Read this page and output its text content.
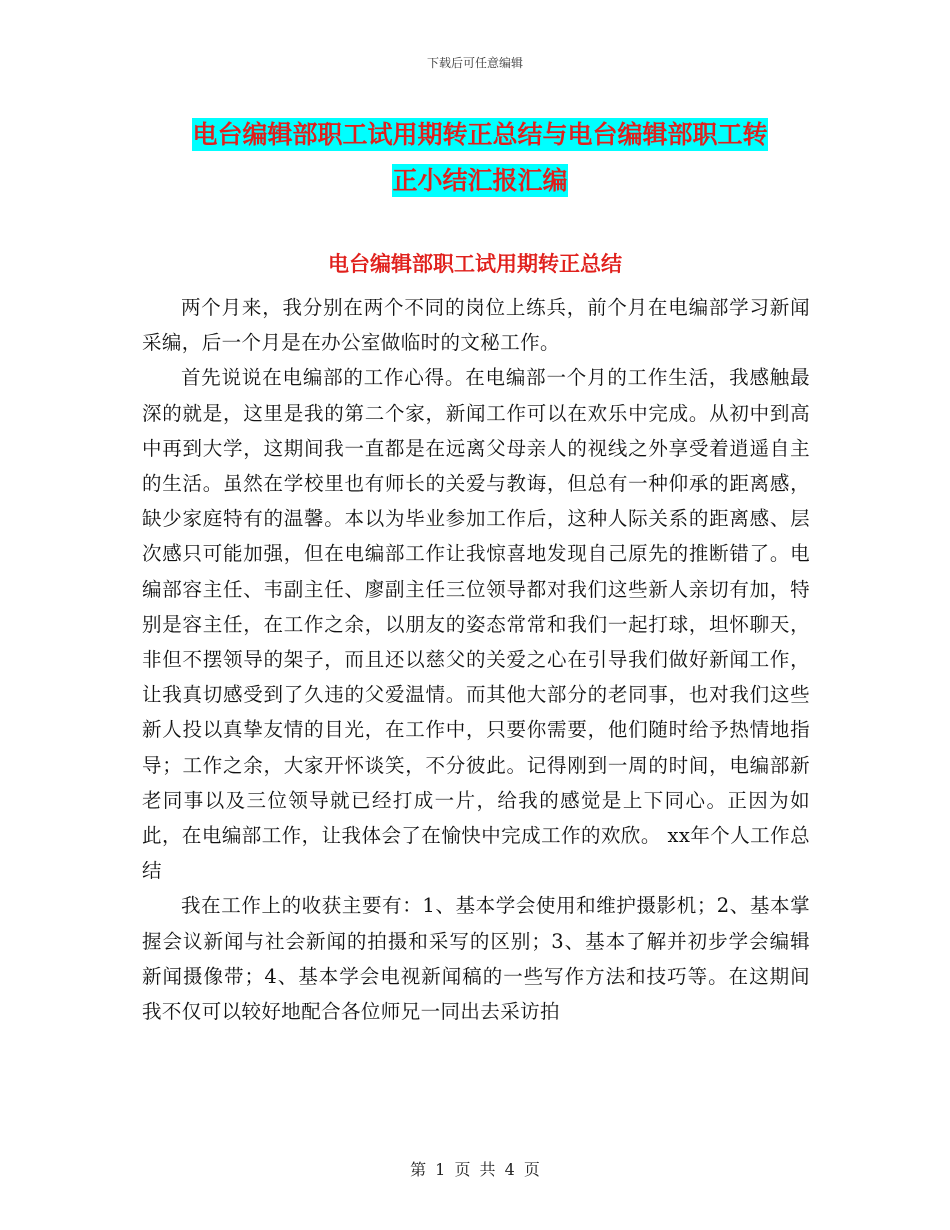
下载后可任意编辑
电台编辑部职工试用期转正总结与电台编辑部职工转
正小结汇报汇编
电台编辑部职工试用期转正总结

两个月来，我分别在两个不同的岗位上练兵，前个月在电编部学习新闻采编，后一个月是在办公室做临时的文秘工作。

首先说说在电编部的工作心得。在电编部一个月的工作生活，我感触最深的就是，这里是我的第二个家，新闻工作可以在欢乐中完成。从初中到高中再到大学，这期间我一直都是在远离父母亲人的视线之外享受着逍遥自主的生活。虽然在学校里也有师长的关爱与教诲，但总有一种仰承的距离感，缺少家庭特有的温馨。本以为毕业参加工作后，这种人际关系的距离感、层次感只可能加强，但在电编部工作让我惊喜地发现自己原先的推断错了。电编部容主任、韦副主任、廖副主任三位领导都对我们这些新人亲切有加，特别是容主任，在工作之余，以朋友的姿态常常和我们一起打球，坦怀聊天，非但不摆领导的架子，而且还以慈父的关爱之心在引导我们做好新闻工作，让我真切感受到了久违的父爱温情。而其他大部分的老同事，也对我们这些新人投以真挚友情的目光，在工作中，只要你需要，他们随时给予热情地指导；工作之余，大家开怀谈笑，不分彼此。记得刚到一周的时间，电编部新老同事以及三位领导就已经打成一片，给我的感觉是上下同心。正因为如此，在电编部工作，让我体会了在愉快中完成工作的欢欣。 xx年个人工作总结

我在工作上的收获主要有：1、基本学会使用和维护摄影机；2、基本掌握会议新闻与社会新闻的拍摄和采写的区别；3、基本了解并初步学会编辑新闻摄像带；4、基本学会电视新闻稿的一些写作方法和技巧等。在这期间我不仅可以较好地配合各位师兄一同出去采访拍

第 1 页 共 4 页
